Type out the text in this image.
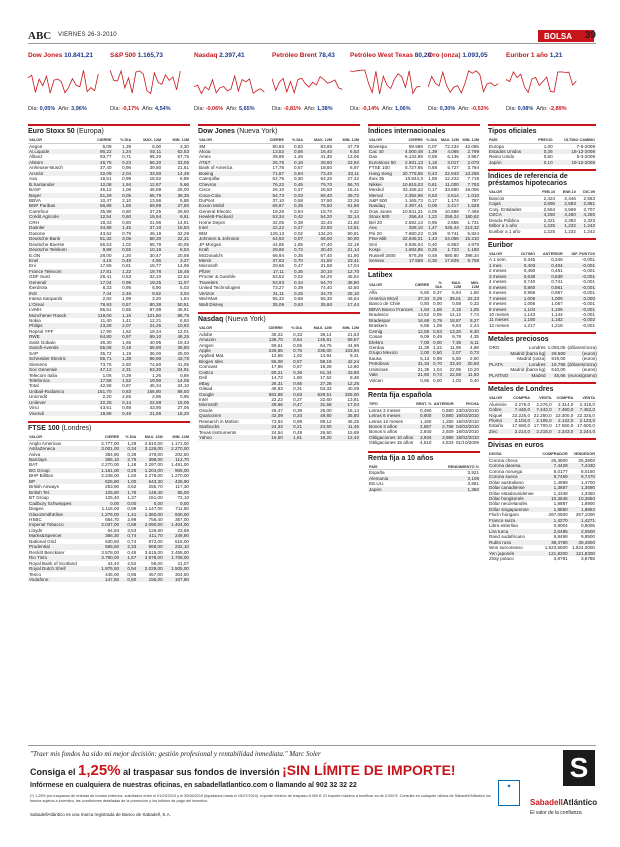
ABC VIERNES 26-3-2010	BOLSA	39
Dow Jones 10.841,21
Día: 0,05% Año: 3,96%
S&P 500 1.165,73
Día: -0,17% Año: 4,54%
Nasdaq 2.397,41
Día: -0,06% Año: 5,65%
Petróleo Brent 78,43
Día: -0,81% Año: 1,38%
Petróleo West Texas 80,20
Día: -0,14% Año: 1,06%
Oro (onza) 1.093,05
Día: 0,30% Año: -0,53%
Euribor 1 año 1,21
Día: 0,08% Año: -2,89%
Euro Stoxx 50 (Europa)
VALOR	CIERRE	% DIA	MAX. 12M	MIN. 12M
Aegon	5,09	1,39	6,00	3,30
Ai.Liquide	90,22	1,24	92,11	62,53
Allianz	93,77	0,71	95,20	57,75
Alstom	45,75	0,23	56,20	33,05
Anheuser-Busch	37,40	0,96	39,80	21,61
Arcelor	32,09	2,04	33,60	14,49
Axa	16,61	0,99	18,52	8,89
B.Santander	12,08	1,94	12,87	5,66
BASF	45,12	1,06	46,59	25,00
Bayer	51,29	0,05	55,79	36,35
BBVA	10,47	2,10	13,56	5,88
BNP Paribas	56,88	1,65	59,89	27,60
Carrefour	35,98	0,80	37,25	26,60
Crédit Agricole	12,54	0,60	15,94	6,61
CRH	18,33	0,80	21,96	14,81
Daimler	34,88	1,45	37,10	16,50
Danone	43,52	0,79	46,18	32,29
Deutsche Bank	51,32	3,05	58,30	22,31
Deutsche Boerse	56,53	1,02	65,79	40,05
Deutsche Telekom	9,88	0,55	10,16	8,04
E.ON	28,00	1,20	30,47	20,58
Enel	4,15	0,49	4,56	3,27
Eni	17,66	0,81	18,77	14,95
France Telecom	17,81	1,22	19,78	15,46
GDF Suez	28,41	0,53	32,10	22,52
Generali	17,04	0,96	19,25	11,07
Iberdrola	6,33	0,95	6,90	5,03
ING	7,44	2,46	9,62	3,04
Intesa Sanpaolo	2,82	1,99	3,20	1,54
L'Oreal	78,93	0,57	80,39	50,51
LVMH	85,51	0,65	87,99	46,91
Munchener Rueck	119,00	1,15	121,60	86,75
Nokia	11,40	1,41	12,21	6,93
Philips	23,28	2,07	24,25	10,92
Repsol YPF	17,90	1,62	19,34	12,01
RWE	64,80	0,97	69,10	48,25
Saint Gobain	36,30	1,65	40,95	19,43
Sanofi-Aventis	55,08	0,18	58,90	39,80
SAP	35,72	1,19	36,00	25,00
Schneider Electric	85,71	1,38	86,90	43,75
Siemens	73,75	2,50	74,80	41,05
Soc Generale	47,12	2,31	53,30	24,91
Telecom Italia	1,06	0,29	1,26	0,89
Telefonica	17,58	1,52	19,90	14,05
Total	42,58	0,97	45,34	34,10
Unibail-Rodamco	151,70	0,83	166,90	88,50
Unicredit	2,20	2,65	2,86	0,95
Unilever	22,25	0,14	22,68	15,05
Vinci	43,61	0,68	43,90	27,06
Vivendi	19,88	0,49	21,86	16,20
FTSE 100 (Londres)
VALOR	CIERRE	% DIA	MAX. 12M	MIN. 12M
Anglo American	2.777,00	1,28	2.810,00	1.171,00
AstraZeneca	3.001,00	0,34	3.126,00	2.270,00
Aviva	384,90	0,39	479,00	202,50
Barclays	365,10	2,79	398,00	112,70
BAT	2.270,00	1,18	2.297,00	1.481,00
BG Group	1.161,00	0,26	1.204,00	905,00
BHP Billiton	2.248,00	1,50	2.276,00	1.270,00
BP	625,80	1,00	643,30	426,90
British Airways	253,90	3,62	255,70	117,30
British Tel.	125,80	1,78	149,40	85,00
BT Group	125,40	1,37	151,00	72,10
Cadbury Schweppes	0,00	0,00	0,00	0,00
Diageo	1.116,00	0,99	1.147,00	711,50
GlaxoSmithKline	1.276,00	1,41	1.360,00	930,00
HSBC	684,70	2,99	756,40	357,00
Imperial Tobacco	2.037,00	0,89	2.090,00	1.404,00
Lloyds	64,94	3,53	126,60	23,68
Marks&Spencer	366,30	0,74	411,70	249,80
National Grid	630,50	0,74	672,00	515,00
Prudential	565,50	2,33	669,00	232,10
Reckitt Benckiser	3.578,00	0,48	3.615,00	2.455,00
Rio Tinto	3.790,00	1,67	3.978,00	1.708,00
Royal Bank of Scotland	44,40	2,52	58,00	21,07
Royal Dutch Shell	1.975,50	0,94	2.029,00	1.505,00
Tesco	445,00	0,86	457,00	304,50
Vodafone	147,60	0,80	155,00	107,80
Dow Jones (Nueva York)
VALOR	CIERRE	% DIA	MAX. 12M	MIN. 12M
3M	80,93	0,83	83,85	47,79
Alcoa	13,52	0,56	16,40	6,53
Amex	39,95	1,26	41,30	13,06
AT&T	25,78	0,16	28,60	22,92
Bank of America	17,78	0,57	18,50	6,97
Boeing	71,67	0,94	73,40	33,11
Caterpillar	62,76	0,30	64,20	27,42
Chevron	76,22	0,45	79,70	56,70
Cisco	26,10	0,27	26,50	16,41
Coca-Cola	54,73	0,03	59,40	39,72
DuPont	37,10	0,58	37,90	22,26
Exxon Mobil	66,87	0,25	76,50	61,86
General Electric	18,26	0,54	18,70	9,22
Hewlett-Packard	53,34	0,42	54,20	32,14
Home Depot	32,05	0,38	32,40	21,60
Intel	22,22	0,27	22,60	13,81
IBM	129,13	0,02	134,20	90,81
Johnson & Johnson	64,92	0,07	66,00	50,90
JP Morgan	44,85	1,85	47,40	22,19
Kraft	29,86	0,72	30,40	21,14
McDonald's	66,94	0,35	67,40	51,90
Merck	37,63	0,70	41,50	23,41
Microsoft	29,66	0,47	31,58	17,04
Pfizer	17,11	0,35	20,10	12,70
Procter & Gamble	63,52	0,02	64,20	45,52
Travelers	53,93	0,34	54,70	38,80
United Technologies	73,27	0,39	74,40	42,50
Verizon	31,11	0,25	34,70	26,10
Wal-Mart	55,32	0,58	56,30	46,64
Walt Disney	35,09	0,63	35,60	17,44
Nasdaq (Nueva York)
VALOR	CIERRE	% DIA	MAX. 12M	MIN. 12M
Adobe	35,22	0,33	38,14	21,63
Amazon	136,70	0,64	145,91	69,57
Amgen	59,51	0,55	64,76	44,96
Apple	226,65	0,76	235,00	103,94
Applied Mat.	12,68	1,02	14,94	9,31
Biogen Idec	56,08	0,57	58,19	42,24
Comcast	17,96	0,67	19,28	12,80
Costco	60,21	0,36	61,34	43,60
Dell	14,72	1,80	17,52	8,48
eBay	26,31	0,65	27,28	12,25
Gilead	45,83	0,31	53,33	40,09
Google	562,88	0,63	629,51	325,00
Intel	22,22	0,27	22,60	13,81
Microsoft	29,66	0,47	31,58	17,04
Oracle	25,47	0,39	26,00	16,14
Qualcomm	42,09	0,34	49,80	35,80
Research in Motion	73,54	0,98	89,12	46,25
Starbucks	24,33	0,21	24,50	11,46
Texas Instruments	24,54	0,48	26,50	15,69
Yahoo	16,50	1,81	18,20	12,42
Índices internacionales
VALOR	CIERRE	% DIA	MAX. 12M	MIN. 12M
Bovespa	69.586	0,07	72.234	42.065
Cac 40	4.000,48	1,39	4.065	2.799
Dax	6.132,95	0,59	6.136	3.957
Eurostoxx 50	2.931,13	1,18	3.017	2.070
FTSE 100	5.727,65	0,68	5.727	3.794
Hang Seng	20.778,55	0,43	22.943	13.268
Ibex 35	10.844,3	1,58	12.222	7.719
Nikkei	10.815,03	0,61	11.000	7.783
Mexbol	33.156,22	0,17	33.660	19.006
Merval	2.392,96	0,53	2.514	1.010
S&P 500	1.165,73	0,17	1.174	787
Nasdaq	2.397,41	0,06	2.417	1.528
Dow Jones	10.841,21	0,05	10.888	7.465
Stoxx 600	256,44	1,22	259,24	180,62
Bel 20	2.592,13	0,95	2.655	1.731
Aex	338,10	1,47	345,44	213,32
Psi 20	7.680,23	0,35	8.741	5.824
Ftse Mib	22.945,01	1,43	24.056	15.210
Smi	6.935,04	0,40	6.953	4.879
Kospi	1.692,85	0,25	1.723	1.180
Russell 2000	676,39	0,48	680,80	398,34
Sensex	17.558	0,30	17.829	9.708
Latibex
VALOR	CIERRE	% DIA	MAX. 12M	MIN. 12M
Alfa	5,60	0,37	5,94	1,80
America Movil	37,34	0,29	39,01	22,33
Banco de Chile	0,50	0,00	0,58	0,33
BBVA Banco Frances	1,94	1,56	2,15	1,05
Bradesco	13,52	0,05	14,12	7,74
Bradespar	16,69	0,79	18,87	8,27
Braskem	5,86	1,09	6,63	2,44
Cemig	12,55	0,53	13,20	8,30
Cosan	9,06	0,49	9,79	4,35
Elektro	7,00	0,00	7,36	6,11
Gerdau	11,39	1,22	11,95	4,88
Grupo Mexico	2,00	0,50	2,07	0,73
Itausa	5,13	0,98	5,50	2,60
Petrobras	31,34	0,70	33,40	20,50
Usiminas	21,35	1,04	22,95	10,20
Vale	21,60	0,74	22,56	11,60
Volcan	0,86	0,00	1,03	0,40
Renta fija española
TIPO	RENT. %	ANTERIOR	FECHA
Letras 3 meses	0,490	0,560	23/03/2010
Letras 6 meses	0,800	0,880	16/03/2010
Letras 12 meses	1,160	1,250	16/03/2010
Bonos 3 años	2,657	2,768	04/02/2010
Bonos 5 años	2,840	2,929	18/03/2010
Obligaciones 10 años	3,934	3,990	18/02/2010
Obligaciones 15 años	4,510	4,533	01/10/2009
Renta fija a 10 años
PAÍS	RENDIMIENTO %
España	3,921
Alemania	3,108
EE.UU.	3,861
Japón	1,360
Tipos oficiales
PAÍS	PRECIO	ÚLTIMO CAMBIO
Europa	1,00	7-5-2009
Estados Unidos	0,25	16-12-2008
Reino Unido	0,50	5-3-2009
Japón	0,10	19-12-2008
Índices de referencia de préstamos hipotecarios
VALOR	FEB.10	ENE.10	DIC.09
Bancos	2,424	2,446	2,563
Cajas	2,690	2,683	2,851
Conj. Entidades	2,554	2,569	2,707
CECA	4,250	4,250	4,250
Deuda Pública	2,321	2,392	2,323
Mibor a 1 año	1,225	1,232	1,242
Euribor a 1 año	1,225	1,232	1,242
Euribor
VALOR	ÚLTIMO	ANTERIOR	DIF. PUNTOS
A 1 sem.	0,345	0,346	-0,001
1 mes	0,403	0,404	-0,001
2 meses	0,480	0,481	-0,001
3 meses	0,638	0,639	-0,001
4 meses	0,740	0,741	-0,001
5 meses	0,860	0,861	-0,001
6 meses	0,956	0,957	-0,001
7 meses	1,006	1,006	0,000
8 meses	1,056	1,057	-0,001
9 meses	1,104	1,105	-0,001
10 meses	1,143	1,144	-0,001
11 meses	1,180	1,182	-0,002
12 meses	1,217	1,218	-0,001
Metales preciosos
ORO	Londres	1.093,05	(dólares/onza)
	Madrid (barra kg)	29.580	(euros)
	Madrid (onza)	919,00	(euros)
PLATA	Londres	16,795	(dólares/onza)
	Madrid (barra kg)	510,00	(euros)
PLATINO	Madrid	45,66	(euros/gramo)
Metales de Londres
VALOR	COMPRA	VENTA	COMPRA	VENTA
Aluminio	2.275,0	2.276,0	2.314,0	2.315,0
Cobre	7.440,0	7.442,0	7.460,0	7.462,0
Níquel	22.225,0	22.250,0	22.300,0	22.325,0
Plomo	2.104,0	2.105,0	2.132,0	2.133,0
Estaño	17.650,0	17.700,0	17.550,0	17.600,0
Zinc	2.214,0	2.215,0	2.243,0	2.244,0
Divisas en euros
DIVISA	COMPRADOR	VENDEDOR
Corona checa	25,3800	25,3900
Corona danesa	7,4428	7,4430
Corona noruega	8,0177	8,0180
Corona sueca	9,7469	9,7470
Dólar australiano	1,4699	1,4700
Dólar canadiense	1,3687	1,3690
Dólar estadounidense	1,3348	1,3350
Dólar hongkonés	10,3645	10,3650
Dólar neozelandés	1,8897	1,8900
Dólar singapurense	1,8850	1,8853
Florín húngaro	267,0500	267,1000
Franco suizo	1,4270	1,4271
Libra esterlina	0,9004	0,9005
Lira turca	2,0495	2,0500
Rand sudafricano	9,8498	9,8500
Rublo ruso	39,4780	39,4800
Won surcoreano	1.523,5500	1.524,0000
Yen japonés	121,8200	121,8300
Zloty polaco	3,8781	3,8785
"Traer mis fondos ha sido mi mejor decisión: gestión profesional y rentabilidad inmediata." Marc Soler
Consiga el 1,25% al traspasar sus fondos de inversión ¡SIN LÍMITE DE IMPORTE!
Infórmese en cualquiera de nuestras oficinas, en sabadellatlantico.com o llamando al 902 32 32 22
(*) 1,25% por traspasos de entrada de fondos externos, solicitados entre el 01/03/2010 y el 30/06/2010 (liquidados hasta el 15/07/2010). Importe mínimo de traspaso 6.000 €. El importe máximo a bonificar es de 5.000 €. Consulte en cualquier oficina de Sabadell Atlántico los fondos sujetos a incentivo, las condiciones detalladas de la promoción y los folletos de pago del incentivo.
SabadellAtlántico es una marca registrada de Banco de Sabadell, S.A.
◆
S
SabadellAtlántico
El valor de la confianza
